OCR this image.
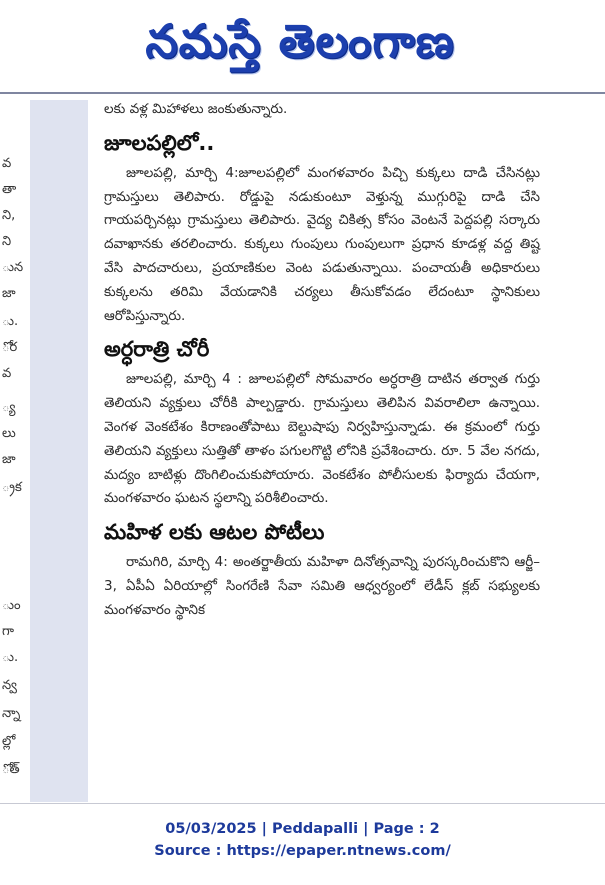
నమస్తే తెలంగాణ
వ
తా
ని,
ని
ున
జా
ు.
ోర
వ
్య
లు
జా
్రక
ుం
గా
ు.
న్వ
న్నా
ల్లో
ోత్

లకు వళ్ల మిహాళలు జంకుతున్నారు.

జూలపల్లిలో..

జూలపల్లి, మార్చి 4:జూలపల్లిలో మంగళవారం పిచ్చి కుక్కలు దాడి చేసినట్లు గ్రామస్తులు తెలిపారు. రోడ్డుపై నడుకుంటూ వెళ్తున్న ముగ్గురిపై దాడి చేసి గాయపర్చినట్లు గ్రామస్తులు తెలిపారు. వైద్య చికిత్స కోసం వెంటనే పెద్దపల్లి సర్కారు దవాఖానకు తరలించారు. కుక్కలు గుంపులు గుంపులుగా ప్రధాన కూడళ్ల వద్ద తిష్ట వేసి పాదచారులు, ప్రయాణికుల వెంట పడుతున్నాయి. పంచాయతీ అధికారులు కుక్కలను తరిమి వేయడానికి చర్యలు తీసుకోవడం లేదంటూ స్థానికులు ఆరోపిస్తున్నారు.

అర్ధరాత్రి చోరీ

జూలపల్లి, మార్చి 4 : జూలపల్లిలో సోమవారం అర్ధరాత్రి దాటిన తర్వాత గుర్తు తెలియని వ్యక్తులు చోరీకి పాల్పడ్డారు. గ్రామస్తులు తెలిపిన వివరాలిలా ఉన్నాయి. వెంగళ వెంకటేశం కిరాణంతోపాటు బెల్టుషాపు నిర్వహిస్తున్నాడు. ఈ క్రమంలో గుర్తు తెలియని వ్యక్తులు సుత్తితో తాళం పగులగొట్టి లోనికి ప్రవేశించారు. రూ. 5 వేల నగదు, మద్యం బాటిళ్లు దొంగిలించుకుపోయారు. వెంకటేశం పోలీసులకు ఫిర్యాదు చేయగా, మంగళవారం ఘటన స్థలాన్ని పరిశీలించారు.

మహిళ లకు ఆటల పోటీలు

రామగిరి, మార్చి 4: అంతర్జాతీయ మహిళా దినోత్సవాన్ని పురస్కరించుకొని ఆర్జీ–3, ఏపీఏ ఏరియాల్లో సింగరేణి సేవా సమితి ఆధ్వర్యంలో లేడీస్ క్లబ్ సభ్యులకు మంగళవారం స్థానిక

05/03/2025 | Peddapalli | Page : 2
Source : https://epaper.ntnews.com/
